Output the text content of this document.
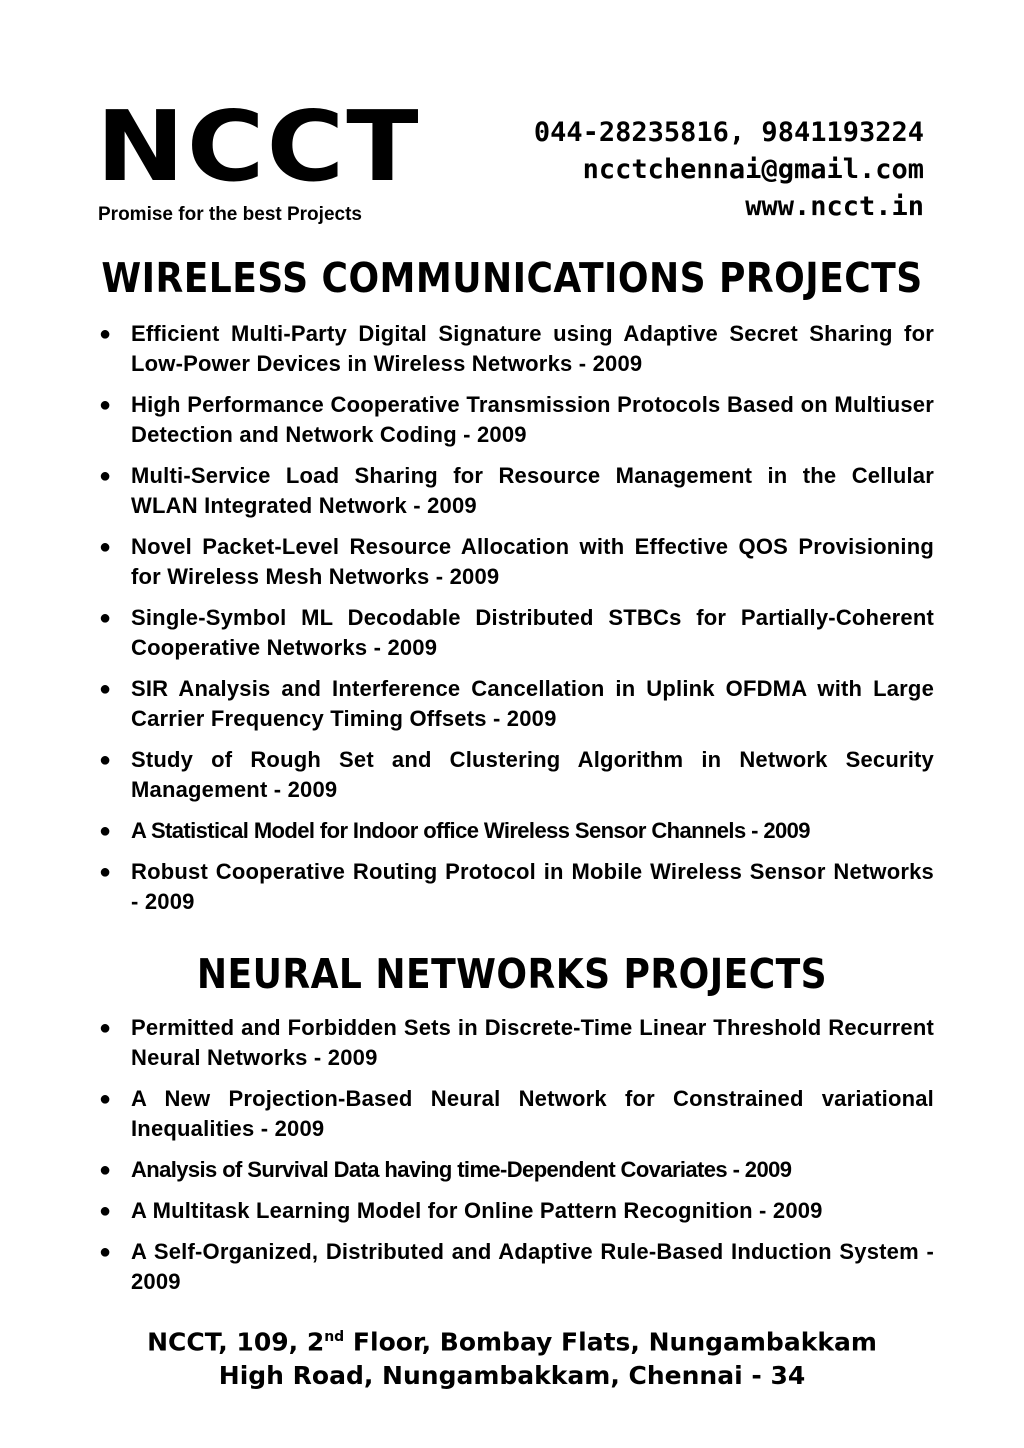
NCCT
Promise for the best Projects
044-28235816, 9841193224
ncctchennai@gmail.com
www.ncct.in
WIRELESS COMMUNICATIONS PROJECTS
● Efficient Multi-Party Digital Signature using Adaptive Secret Sharing for Low-Power Devices in Wireless Networks - 2009
● High Performance Cooperative Transmission Protocols Based on Multiuser Detection and Network Coding - 2009
● Multi-Service Load Sharing for Resource Management in the Cellular WLAN Integrated Network - 2009
● Novel Packet-Level Resource Allocation with Effective QOS Provisioning for Wireless Mesh Networks - 2009
● Single-Symbol ML Decodable Distributed STBCs for Partially-Coherent Cooperative Networks - 2009
● SIR Analysis and Interference Cancellation in Uplink OFDMA with Large Carrier Frequency Timing Offsets - 2009
● Study of Rough Set and Clustering Algorithm in Network Security Management - 2009
● A Statistical Model for Indoor office Wireless Sensor Channels - 2009
● Robust Cooperative Routing Protocol in Mobile Wireless Sensor Networks - 2009
NEURAL NETWORKS PROJECTS
● Permitted and Forbidden Sets in Discrete-Time Linear Threshold Recurrent Neural Networks - 2009
● A New Projection-Based Neural Network for Constrained variational Inequalities - 2009
● Analysis of Survival Data having time-Dependent Covariates - 2009
● A Multitask Learning Model for Online Pattern Recognition - 2009
● A Self-Organized, Distributed and Adaptive Rule-Based Induction System - 2009
NCCT, 109, 2nd Floor, Bombay Flats, Nungambakkam
High Road, Nungambakkam, Chennai - 34
